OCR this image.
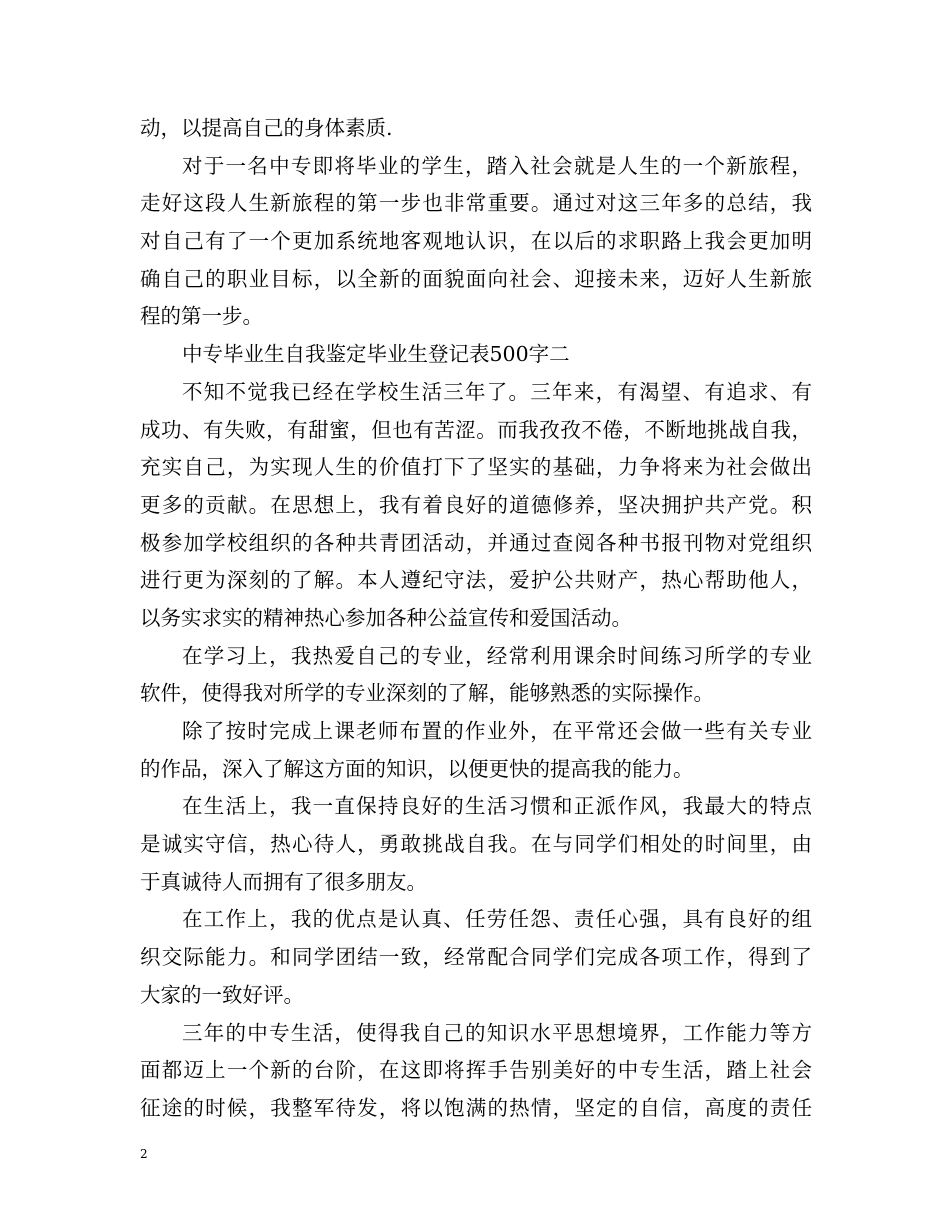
动，以提高自己的身体素质.
对于一名中专即将毕业的学生，踏入社会就是人生的一个新旅程，
走好这段人生新旅程的第一步也非常重要。通过对这三年多的总结，我
对自己有了一个更加系统地客观地认识，在以后的求职路上我会更加明
确自己的职业目标，以全新的面貌面向社会、迎接未来，迈好人生新旅
程的第一步。
中专毕业生自我鉴定毕业生登记表500字二
不知不觉我已经在学校生活三年了。三年来，有渴望、有追求、有
成功、有失败，有甜蜜，但也有苦涩。而我孜孜不倦，不断地挑战自我，
充实自己，为实现人生的价值打下了坚实的基础，力争将来为社会做出
更多的贡献。在思想上，我有着良好的道德修养，坚决拥护共产党。积
极参加学校组织的各种共青团活动，并通过查阅各种书报刊物对党组织
进行更为深刻的了解。本人遵纪守法，爱护公共财产，热心帮助他人，
以务实求实的精神热心参加各种公益宣传和爱国活动。
在学习上，我热爱自己的专业，经常利用课余时间练习所学的专业
软件，使得我对所学的专业深刻的了解，能够熟悉的实际操作。
除了按时完成上课老师布置的作业外，在平常还会做一些有关专业
的作品，深入了解这方面的知识，以便更快的提高我的能力。
在生活上，我一直保持良好的生活习惯和正派作风，我最大的特点
是诚实守信，热心待人，勇敢挑战自我。在与同学们相处的时间里，由
于真诚待人而拥有了很多朋友。
在工作上，我的优点是认真、任劳任怨、责任心强，具有良好的组
织交际能力。和同学团结一致，经常配合同学们完成各项工作，得到了
大家的一致好评。
三年的中专生活，使得我自己的知识水平思想境界，工作能力等方
面都迈上一个新的台阶，在这即将挥手告别美好的中专生活，踏上社会
征途的时候，我整军待发，将以饱满的热情，坚定的自信，高度的责任
2
